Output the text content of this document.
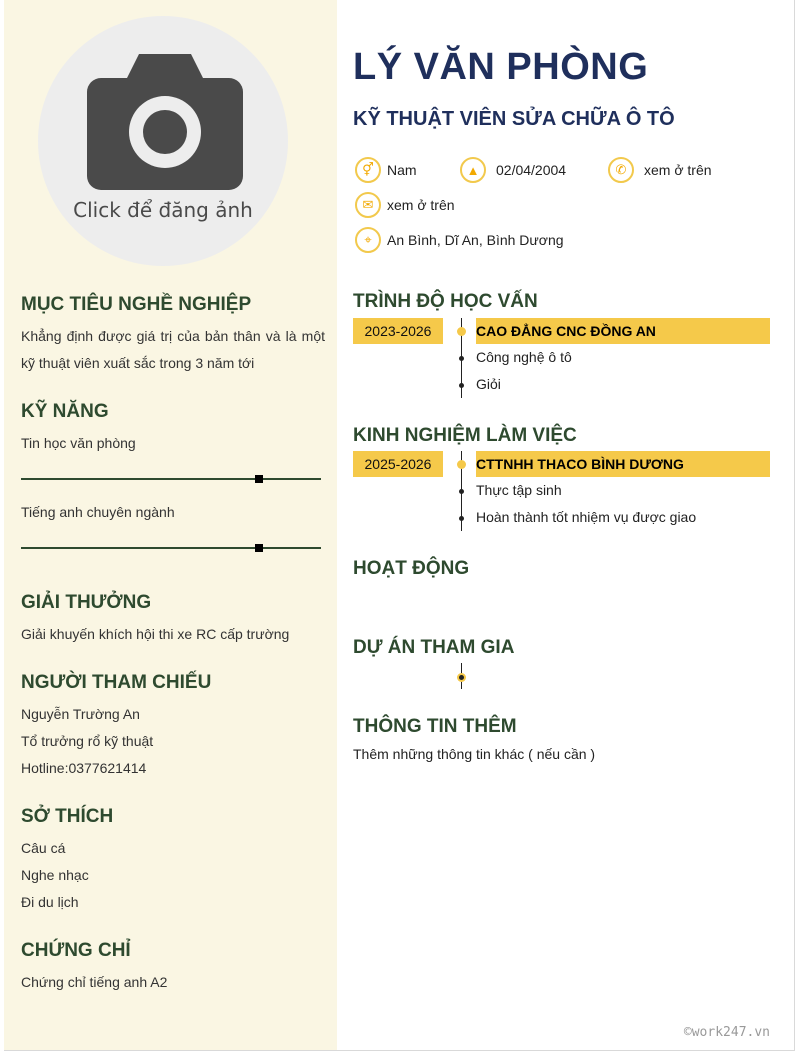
Click để đăng ảnh
MỤC TIÊU NGHỀ NGHIỆP
Khẳng định được giá trị của bản thân và là một
kỹ thuật viên xuất sắc trong 3 năm tới
KỸ NĂNG
Tin học văn phòng
Tiếng anh chuyên ngành
GIẢI THƯỞNG
Giải khuyến khích hội thi xe RC cấp trường
NGƯỜI THAM CHIẾU
Nguyễn Trường An
Tổ trưởng rổ kỹ thuật
Hotline:0377621414
SỞ THÍCH
Câu cá
Nghe nhạc
Đi du lịch
CHỨNG CHỈ
Chứng chỉ tiếng anh A2
LÝ VĂN PHÒNG
KỸ THUẬT VIÊN SỬA CHỮA Ô TÔ
⚥ Nam	▲	02/04/2004	✆	xem ở trên
✉ xem ở trên
⌖	An Bình, Dĩ An, Bình Dương
TRÌNH ĐỘ HỌC VẤN
2023-2026	CAO ĐẲNG CNC ĐỒNG AN
Công nghệ ô tô
Giỏi
KINH NGHIỆM LÀM VIỆC
2025-2026	CTTNHH THACO BÌNH DƯƠNG
Thực tập sinh
Hoàn thành tốt nhiệm vụ được giao
HOẠT ĐỘNG
DỰ ÁN THAM GIA
THÔNG TIN THÊM
Thêm những thông tin khác ( nếu cần )
©work247.vn
